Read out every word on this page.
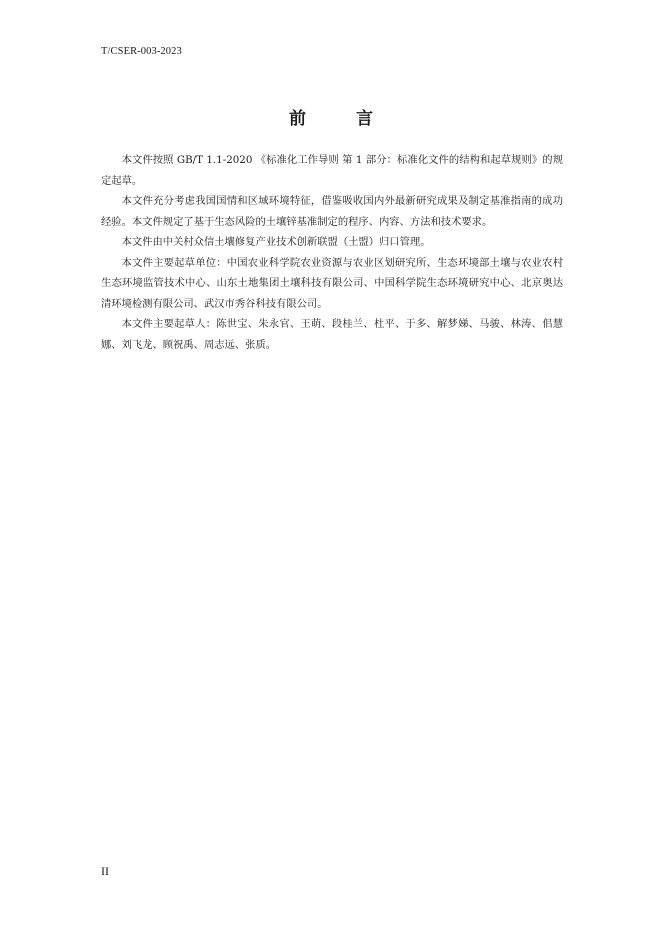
T/CSER-003-2023
前 言

本文件按照 GB/T 1.1-2020 《标准化工作导则 第 1 部分：标准化文件的结构和起草规则》的规定起草。

本文件充分考虑我国国情和区域环境特征，借鉴吸收国内外最新研究成果及制定基准指南的成功经验。本文件规定了基于生态风险的土壤锌基准制定的程序、内容、方法和技术要求。

本文件由中关村众信土壤修复产业技术创新联盟（土盟）归口管理。

本文件主要起草单位：中国农业科学院农业资源与农业区划研究所、生态环境部土壤与农业农村生态环境监管技术中心、山东土地集团土壤科技有限公司、中国科学院生态环境研究中心、北京奥达清环境检测有限公司、武汉市秀谷科技有限公司。

本文件主要起草人：陈世宝、朱永官、王萌、段桂兰、杜平、于多、解梦娣、马骏、林涛、佀慧娜、刘飞龙、顾祝禹、周志远、张质。

II
